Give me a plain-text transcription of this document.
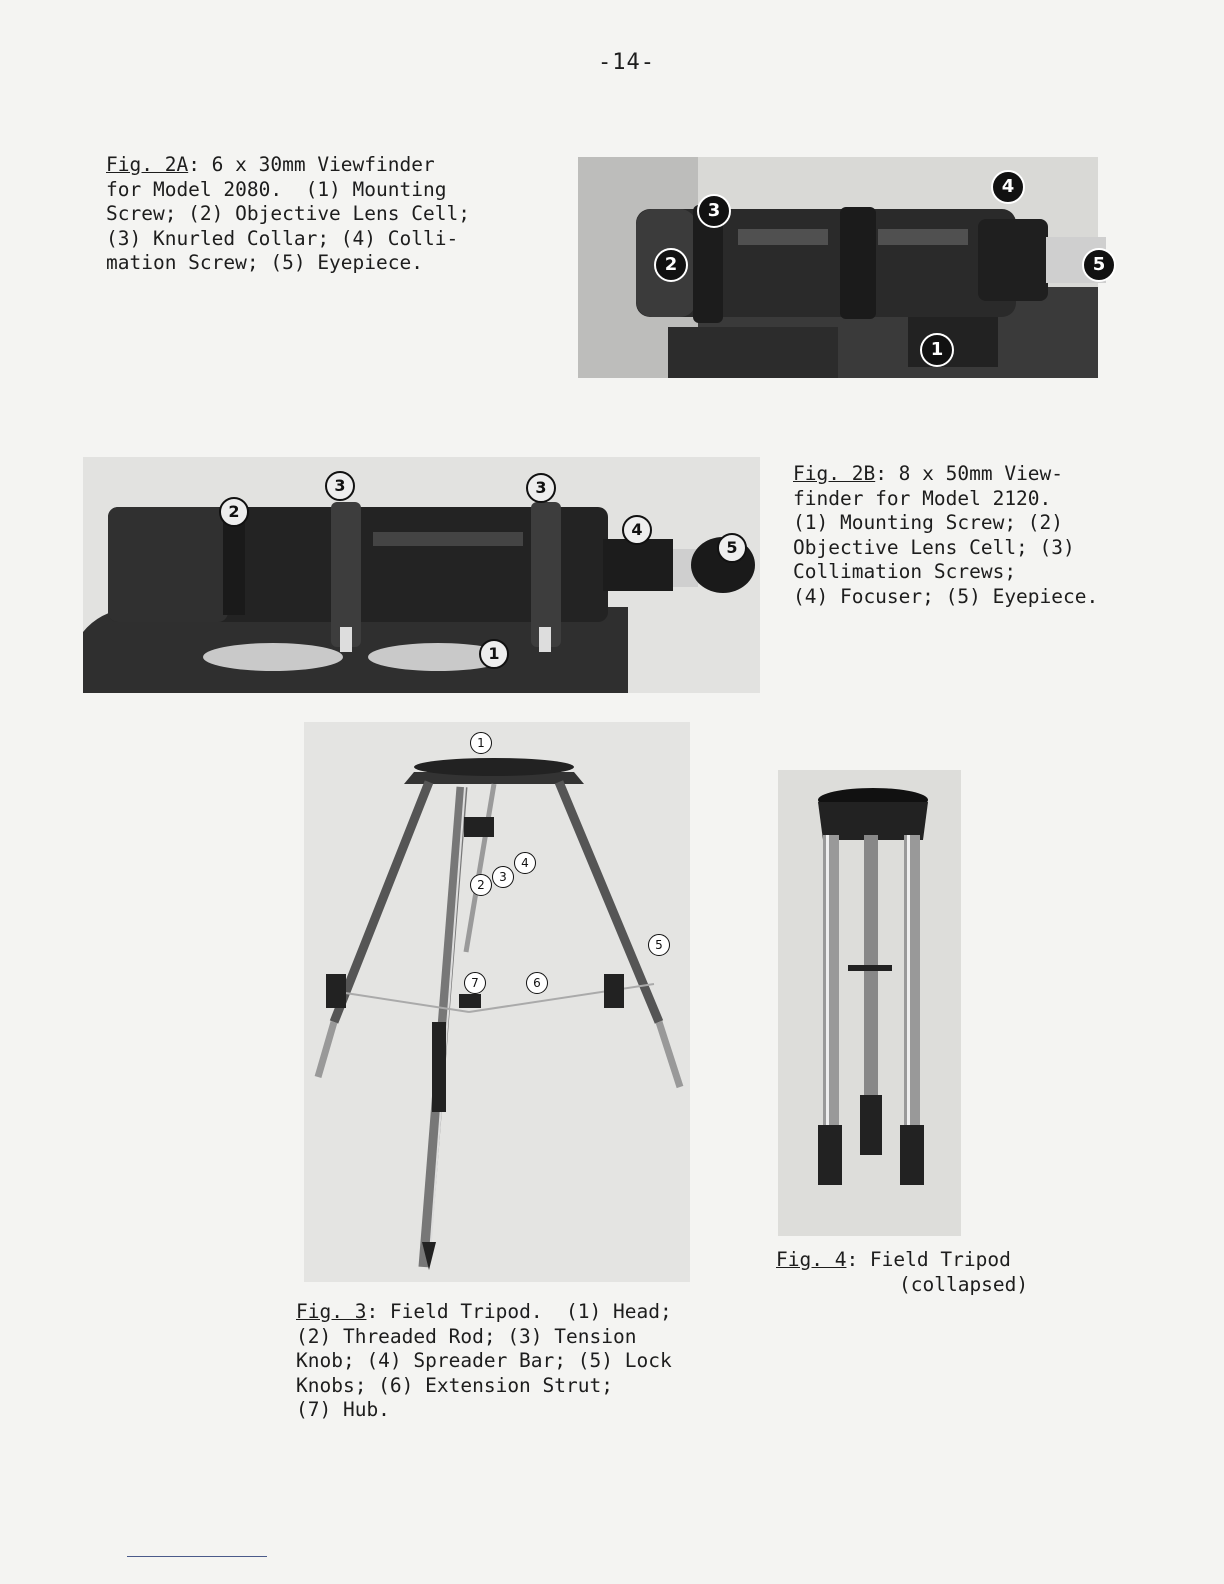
-14-
Fig. 2A: 6 x 30mm Viewfinder
for Model 2080.  (1) Mounting
Screw; (2) Objective Lens Cell;
(3) Knurled Collar; (4) Colli-
mation Screw; (5) Eyepiece.
1
2
3
4
5
1
2
3	3
4
5
Fig. 2B: 8 x 50mm View-
finder for Model 2120.
(1) Mounting Screw; (2)
Objective Lens Cell; (3)
Collimation Screws;
(4) Focuser; (5) Eyepiece.
1
2
3
4
5
6
7
Fig. 4: Field Tripod
(collapsed)
Fig. 3: Field Tripod.  (1) Head;
(2) Threaded Rod; (3) Tension
Knob; (4) Spreader Bar; (5) Lock
Knobs; (6) Extension Strut;
(7) Hub.
